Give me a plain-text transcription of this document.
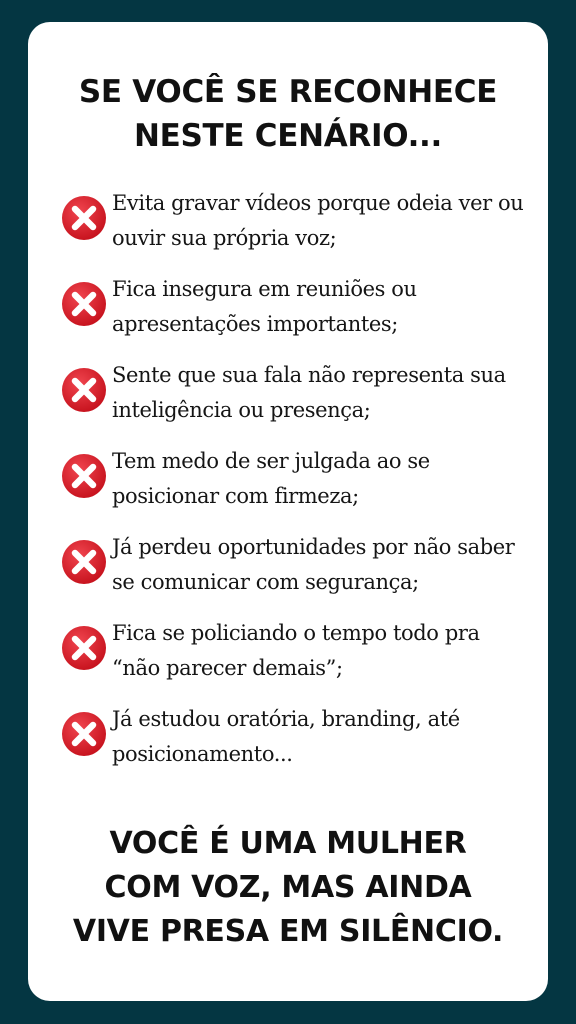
SE VOCÊ SE RECONHECE
NESTE CENÁRIO...
Evita gravar vídeos porque odeia ver ou
ouvir sua própria voz;
Fica insegura em reuniões ou
apresentações importantes;
Sente que sua fala não representa sua
inteligência ou presença;
Tem medo de ser julgada ao se
posicionar com firmeza;
Já perdeu oportunidades por não saber
se comunicar com segurança;
Fica se policiando o tempo todo pra
“não parecer demais”;
Já estudou oratória, branding, até
posicionamento...
VOCÊ É UMA MULHER
COM VOZ, MAS AINDA
VIVE PRESA EM SILÊNCIO.
